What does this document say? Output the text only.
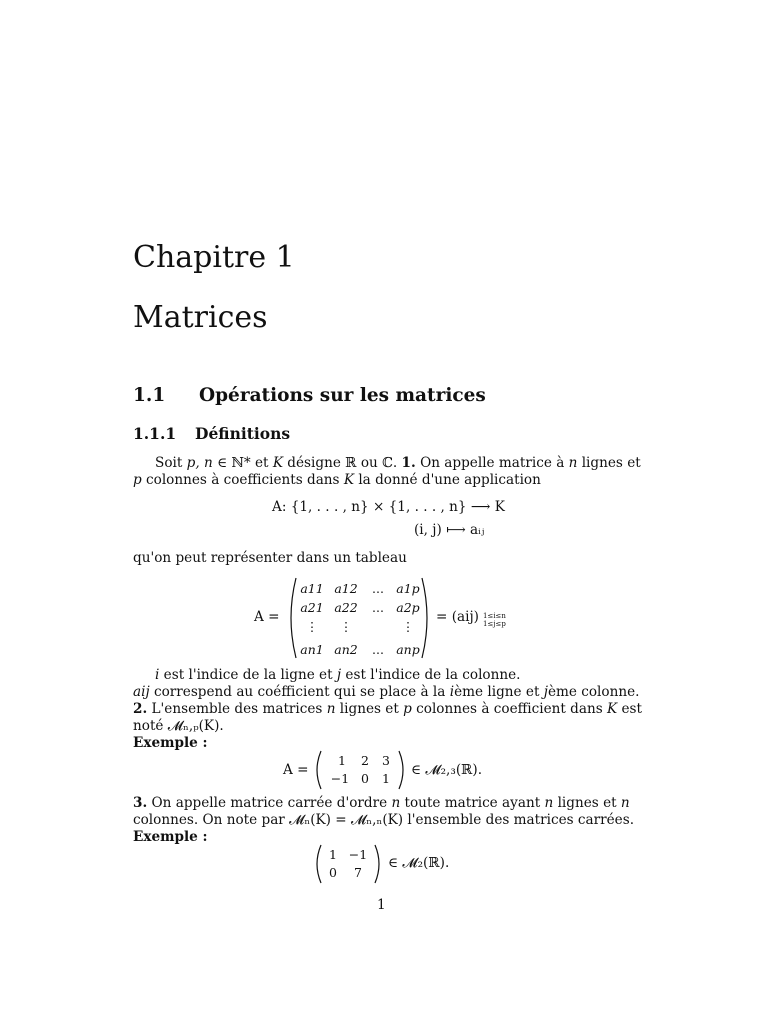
Chapitre 1
Matrices
1.1 Opérations sur les matrices
1.1.1 Définitions
Soit p, n ∈ ℕ* et K désigne ℝ ou ℂ. 1. On appelle matrice à n lignes et
p colonnes à coefficients dans K la donné d'une application
A: {1, . . . , n} × {1, . . . , n} ⟶ K
(i, j) ⟼ aᵢⱼ
qu'on peut représenter dans un tableau
A =
a11 a12 ... a1p
a21 a22 ... a2p
⋮ ⋮	⋮
an1 an2 ... anp
= (aij) 1≤i≤n
1≤j≤p
i est l'indice de la ligne et j est l'indice de la colonne.
aij correspend au coéfficient qui se place à la ième ligne et jème colonne.
2. L'ensemble des matrices n lignes et p colonnes à coefficient dans K est
noté 𝓜ₙ,ₚ(K).
Exemple :
A =
1 2 3
−1 0 1
∈ 𝓜₂,₃(ℝ).
3. On appelle matrice carrée d'ordre n toute matrice ayant n lignes et n
colonnes. On note par 𝓜ₙ(K) = 𝓜ₙ,ₙ(K) l'ensemble des matrices carrées.
Exemple :
1 −1
0 7
∈ 𝓜₂(ℝ).
1
